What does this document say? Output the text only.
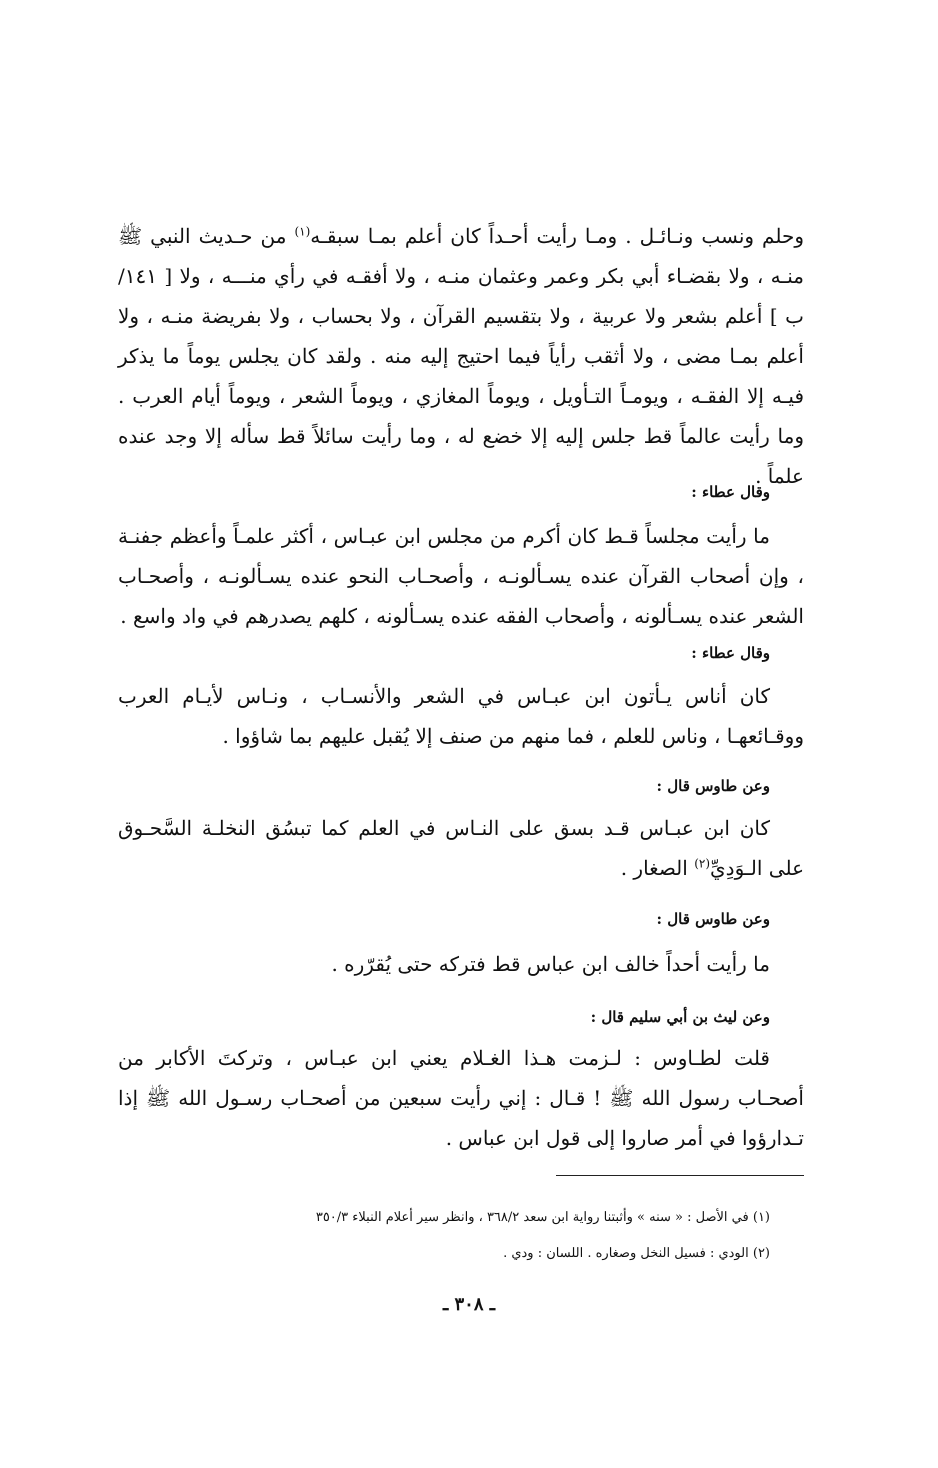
وحلم ونسب ونـائـل . ومـا رأيت أحـداً كان أعلم بمـا سبقـه$^{(١)}$ من حـديث النبي ﷺ منـه ، ولا بقضـاء أبي بكر وعمر وعثمان منـه ، ولا أفقـه في رأي منـــه ، ولا [ ١٤١/ب ] أعلم بشعر ولا عربية ، ولا بتقسيم القرآن ، ولا بحساب ، ولا بفريضة منـه ، ولا أعلم بمـا مضى ، ولا أثقب رأياً فيما احتيج إليه منه . ولقد كان يجلس يوماً ما يذكر فيـه إلا الفقـه ، ويومـاً التـأويل ، ويوماً المغازي ، ويوماً الشعر ، ويوماً أيام العرب . وما رأيت عالماً قط جلس إليه إلا خضع له ، وما رأيت سائلاً قط سأله إلا وجد عنده علماً .

وقال عطاء :

ما رأيت مجلساً قـط كان أكرم من مجلس ابن عبـاس ، أكثر علمـاً وأعظم جفنـة ، وإن أصحاب القرآن عنده يسـألونـه ، وأصحـاب النحو عنده يسـألونـه ، وأصحـاب الشعر عنده يسـألونه ، وأصحاب الفقه عنده يسـألونه ، كلهم يصدرهم في واد واسع .

وقال عطاء :

كان أناس يـأتون ابن عبـاس في الشعر والأنسـاب ، ونـاس لأيـام العرب ووقـائعهـا ، وناس للعلم ، فما منهم من صنف إلا يُقبل عليهم بما شاؤوا .

وعن طاوس قال :

كان ابن عبـاس قـد بسق على النـاس في العلم كما تبسُق النخلـة السَّحـوق على الـوَدِيِّ$^{(٢)}$ الصغار .

وعن طاوس قال :

ما رأيت أحداً خالف ابن عباس قط فتركه حتى يُقرّره .

وعن ليث بن أبي سليم قال :

قلت لطـاوس : لـزمت هـذا الغـلام يعني ابن عبـاس ، وتركتَ الأكابر من أصحـاب رسول الله ﷺ ! قـال : إني رأيت سبعين من أصحـاب رسـول الله ﷺ إذا تـدارؤوا في أمر صاروا إلى قول ابن عباس .

(١) في الأصل : « سنه » وأثبتنا رواية ابن سعد ٣٦٨/٢ ، وانظر سير أعلام النبلاء ٣٥٠/٣

(٢) الودي : فسيل النخل وصغاره . اللسان : ودي .

ـ ٣٠٨ ـ
